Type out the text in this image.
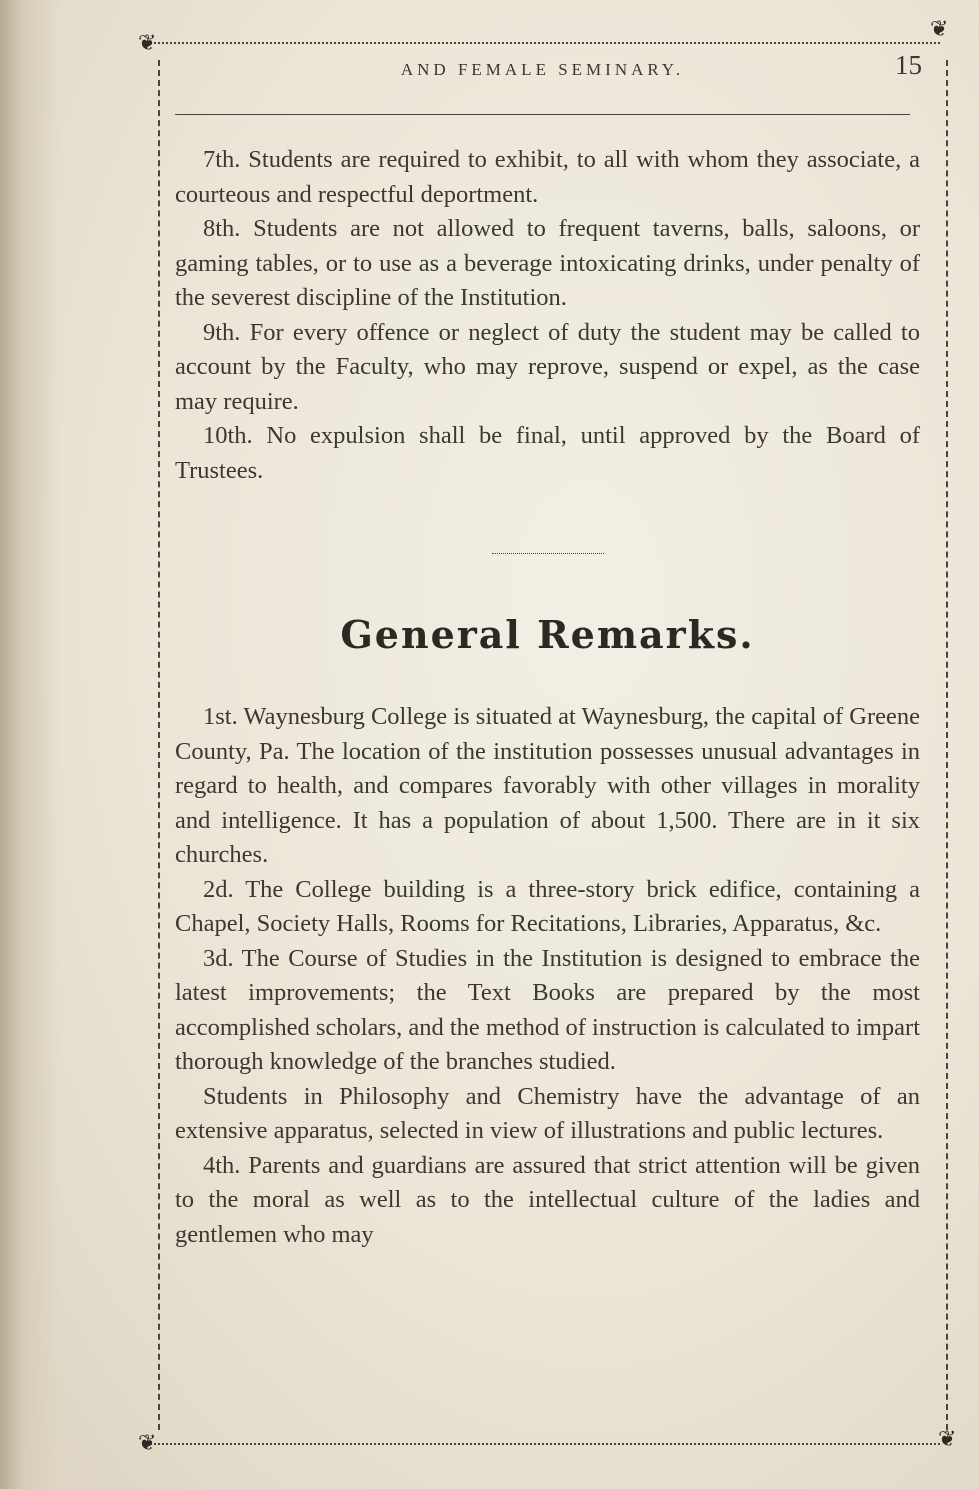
❦
❦
❦	❦
AND FEMALE SEMINARY.	15

7th. Students are required to exhibit, to all with whom they associate, a courteous and respectful deportment.

8th. Students are not allowed to frequent taverns, balls, saloons, or gaming tables, or to use as a beverage intoxicating drinks, under penalty of the severest discipline of the Institution.

9th. For every offence or neglect of duty the student may be called to account by the Faculty, who may reprove, suspend or expel, as the case may require.

10th. No expulsion shall be final, until approved by the Board of Trustees.

General Remarks.

1st. Waynesburg College is situated at Waynesburg, the capital of Greene County, Pa. The location of the institution possesses unusual advantages in regard to health, and compares favorably with other villages in morality and intelligence. It has a population of about 1,500. There are in it six churches.

2d. The College building is a three-story brick edifice, containing a Chapel, Society Halls, Rooms for Recitations, Libraries, Apparatus, &c.

3d. The Course of Studies in the Institution is designed to embrace the latest improvements; the Text Books are prepared by the most accomplished scholars, and the method of instruction is calculated to impart thorough knowledge of the branches studied.

Students in Philosophy and Chemistry have the advantage of an extensive apparatus, selected in view of illustrations and public lectures.

4th. Parents and guardians are assured that strict attention will be given to the moral as well as to the intellectual culture of the ladies and gentlemen who may
